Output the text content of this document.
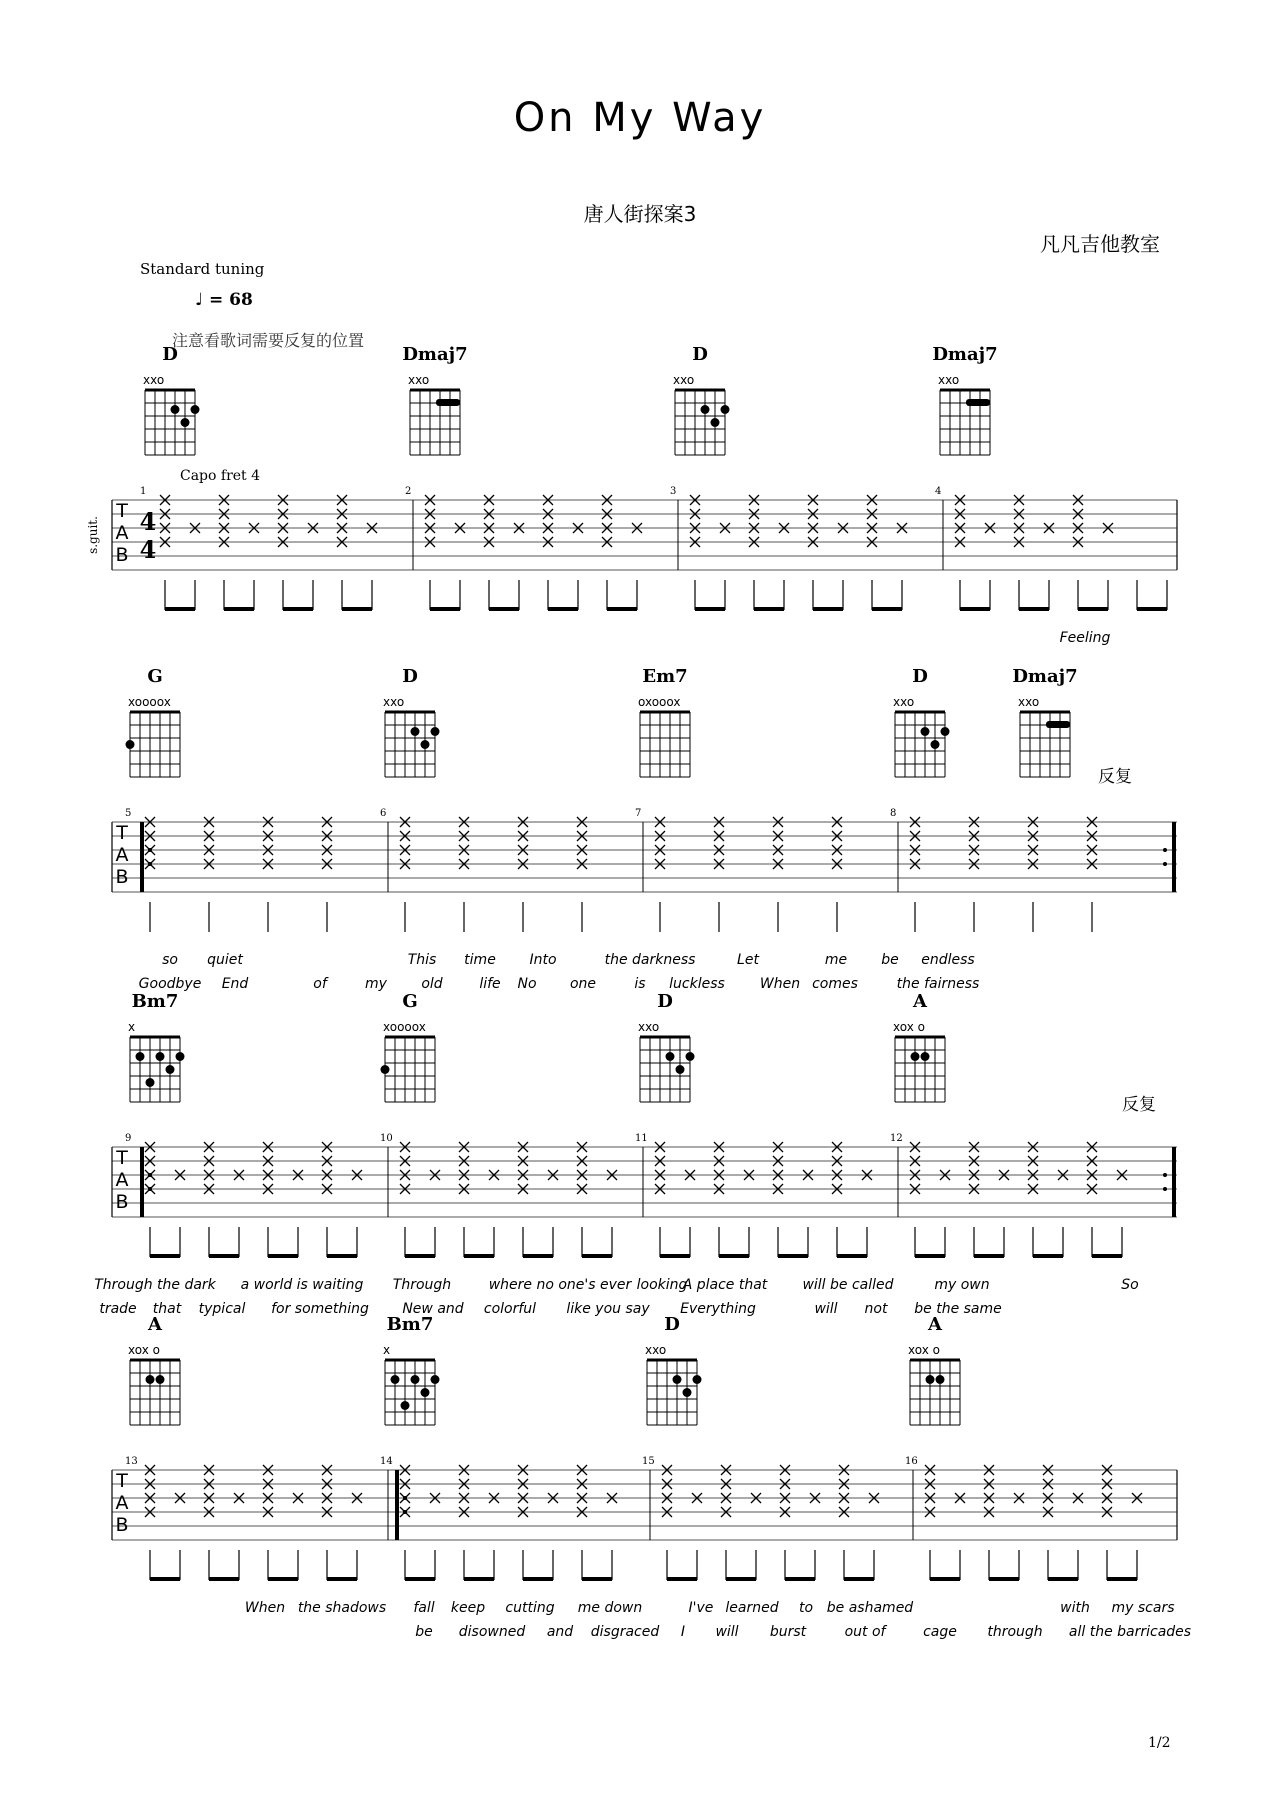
On My Way
唐人街探案3
凡凡吉他教室
Standard tuning
♩ = 68
注意看歌词需要反复的位置
1/2
T
A
B
s.guit. 4
4
Capo fret 4
1
D
xxo
2
Dmaj7
xxo
3
D
xxo
4
Dmaj7
xxo
Feeling
T
A
B
反复
5
G
xoooox
6
D
xxo
7
Em7
oxooox
8
D
xxo
Dmaj7
xxo
so quiet	This time Into	the darkness	Let	me be endless
Goodbye End	of	my old	life No one	is luckless	When comes	the fairness
T
A
B
反复
9
Bm7
x
10
G
xoooox
11
D
xxo
12
A
xox o
Through the dark a world is waiting Through	where no one's ever looking
A place that	will be called	my own	So
trade that typical for something New and colorful like you say Everything	will not be the same
T
A
B
13
A
xox o
14
Bm7
x
15
D
xxo
16
A
xox o
When the shadows fall keep cutting me down	I've learned to be ashamed	with my scars
be disowned and disgraced I will burst	out of	cage through all the barricades
